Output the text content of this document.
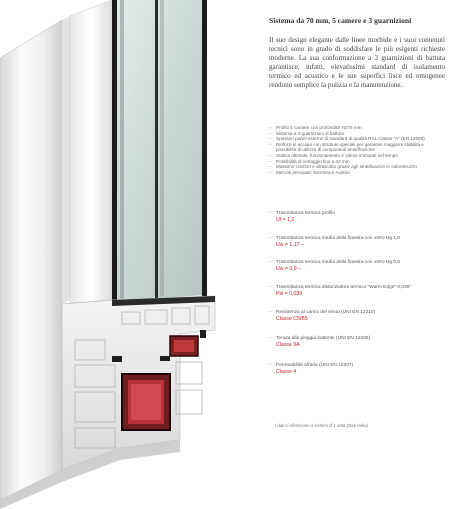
Sistema da 70 mm, 5 camere e 3 guarnizioni
Il suo design elegante dalle linee morbide e i suoi contenuti tecnici sono in grado di soddisfare le più esigenti richieste moderne. La sua conformazione a 3 guarnizioni di battuta garantisce, infatti, elevatissimi standard di isolamento termico ed acustico e le sue superfici lisce ed omogenee rendono semplice la pulizia e la manutenzione.
– Profilo 5 camere con profondità 70/76 mm
– Sistema a 3 guarnizioni di battuta
– Spessori pareti esterne di standard di qualità RAL Classe "A" (EN 12608)
– Rinforzi in acciaio con strutture speciali per garantire maggiore stabilità e possibilità di utilizzo di componenti antieffrazione
– Statica ottimale, funzionamento e valore immutati nel tempo
– Possibilità di vetraggio fino a 42 mm
– Massimo comfort e all'ascolto grazie agli stratificazion in calcestruzzo
– Mercati principali: Svizzera e Austria
– Trasmittanza termica profilo
Uf = 1,2
– Trasmittanza termica media della finestra con vetro Ug 1,0
Uw = 1,17 –
– Trasmittanza termica media della finestra con vetro Ug 0,6
Uw = 0,9 –
– Trasmittanza termica distanziatore termico "Warm Edge" 0,039"
Psi = 0,039
– Resistenza al carico del vento (UNI EN 12210)
Classe C5/B5
– Tenuta alla pioggia battente (UNI EN 12208)
Classe 9A
– Permeabilità all'aria (UNI EN 12207)
Classe 4
I dati si riferiscono a sistemi di 1 anta (Dati Veka)
